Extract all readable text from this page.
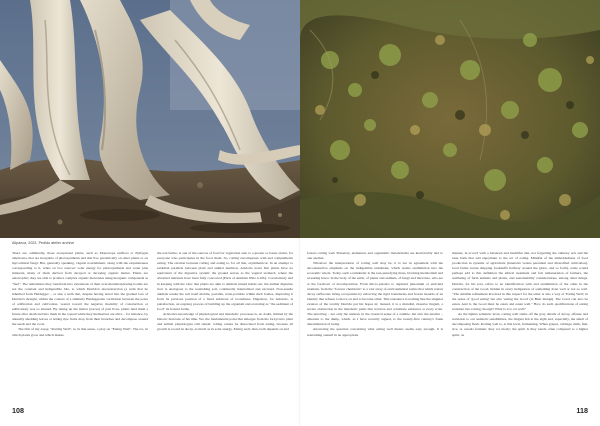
Alipanca, 2023. Pedido atelier archive

There are, admittedly, those exceptional plants, such as Monotropa uniflora or Epifagus americana, that are incapable of photosynthesis and that live parasitically on other plants or on mycorrhizal fungi. But, generally speaking, vegetal nourishment, along with the exquisiteness corresponding to it, relies on two sources: solar energy for photosynthesis and water plus minerals, many of them derived from decayed or decaying organic matter. Plants are autotrophic; they are able to produce complex organic molecules using inorganic compounds as "fuel". The remainders they transform into extensions of their ever-metamorphosing bodies are not the constant and indigestible bits, to which Derrida's deconstruction (a term that he inherited from Heidegger – or else a term that, despite having noted into the gradual loss of Derrida's thought, within the context of a similarly Heideggerian vacillation between the poles of edification and cultivation, veered toward the negative modality of construction or edification) was so attuned. By taking up the matter (traces) of past lives, plants lend them a future after death and into them in the topsoil while they themselves are alive – for instance, by annually shedding leaves or letting ripe fruits drop from their branches and decompose around the seeds and the roots.

The title of my essay, "Rotting Well", is, in this sense, a play on "Eating Well". The rot, in which plants grow and which makes

the soil fertile, is one of the sources of food for vegetation and, to a greater or lesser extent, for everyone who participates in the food chain. So, rotting encompasses with and complements eating. The relation between rotting and eating is, for all that, asymmetrical. In an attempt to establish parallels between plant and animal nutrition, Aristotle notes that plants have no equivalent of the digestive system: the ground serves as the vegetal stomach, where the absorbed nutrients have been fully concocted (Parts of Animals 650a 4-10b). Correlatively and in keeping with the view that plants are akin to animals turned inside out, the animal digestive tract is analogous to the nourishing soil, continually internalized and excreted. Non-sessile animals render the soil itself mobile, portable, trans-portable within their bodies, displacing it from its previous position of a fixed substrate of rootedness. Digestion, for Aristotle, is putrefaction, an ongoing process of building up the organism and excreting as "the sediment of food" its fecund forms.

Aristotle's knowledge of physiological and metabolic processes is, no doubt, limited by the historic horizons of his time. Yet, the fundamental point that emerges from his forays into plant and animal physiologies still stands: rotting cannot be dissociated from eating, because all growth is rooted in decay, as much as in solar energy. Eating well, then, both depends on and

fosters rotting well. Planetary, elemental, and organismic metabolisms are inextricably tied to one another.

Whatever the interpretation of rotting well may be, it is not in agreement with the deconstructive emphasis on the indigestible remainder, which resists assimilation into the economic whole. Today, such a remainder is the non-putrefying mass, blocking metabolism and wreaking havoc in the body of the earth, of plants and animals, of fungi and microbes, who are at the forefront of decomposition. From micro-plastics to depleted plutonium or enriched uranium, from the "forever chemicals" to a vast array of environmental toxins that which resists decay suffocates living ecosystems by enforcing the rigid boundaries and frozen moulds of an identity that refuses to move on and to become other. This resistance is nothing like the singular evasion of the totality Derrida put his hopes in; instead, it is a mundial, massive lingam, a severe obstruction in the metabolic paths that traverse and constitute existence at every scale. The unrotting – not only the undead, in the classical sense of a zombie, but also the unalive – amounts to the dump, which, as I have recently argued, is the twenty-first century's frank denomination of being.

Answering the question concerning what eating well means seems easy enough. It is nourishing oneself in an appropriate

manner, in accord with a balanced and healthful diet, not forgetting the culinary arts and the taste buds that add enjoyment to the act of eating. Mindful of the embeddedness of food production in systems of agriculture (intensive versus perennial and diversified cultivation), local farms versus shipping foodstuffs halfway around the globe, and so forth), some would perhaps add to this definition the ethical treatment and fair remuneration of farmers, the wellbeing of farm animals and plants, and sustainability considerations, among other things. Derrida, for his part, refers to an identification with and assimilation of the other in the construction of the Good, hidden in every indigestion of something done well or not so well. "The sublime refinement involved in this respect for the other is also a way of 'Eating Well', in the sense of 'good eating' but also 'eating the Good' (le Bien mangé). The Good can also be eaten. And it, the Good must be eaten and eaten well." How do such qualifications of eating translate into rotting, though? What is it to rot well?

As the lighter semantic level, rotting well stems off the gory details of decay, offense and revulsion to our aesthetic sensibilities, the disgust felt at the sight and, especially, the smell of decomposing flesh. Rotting well is, at this level, fermenting. When grapes, cabbage, milk, fish, rice, or cereals ferment, they rot nicely; the spirit is they exude often compared to a higher spirit, as

108	118
